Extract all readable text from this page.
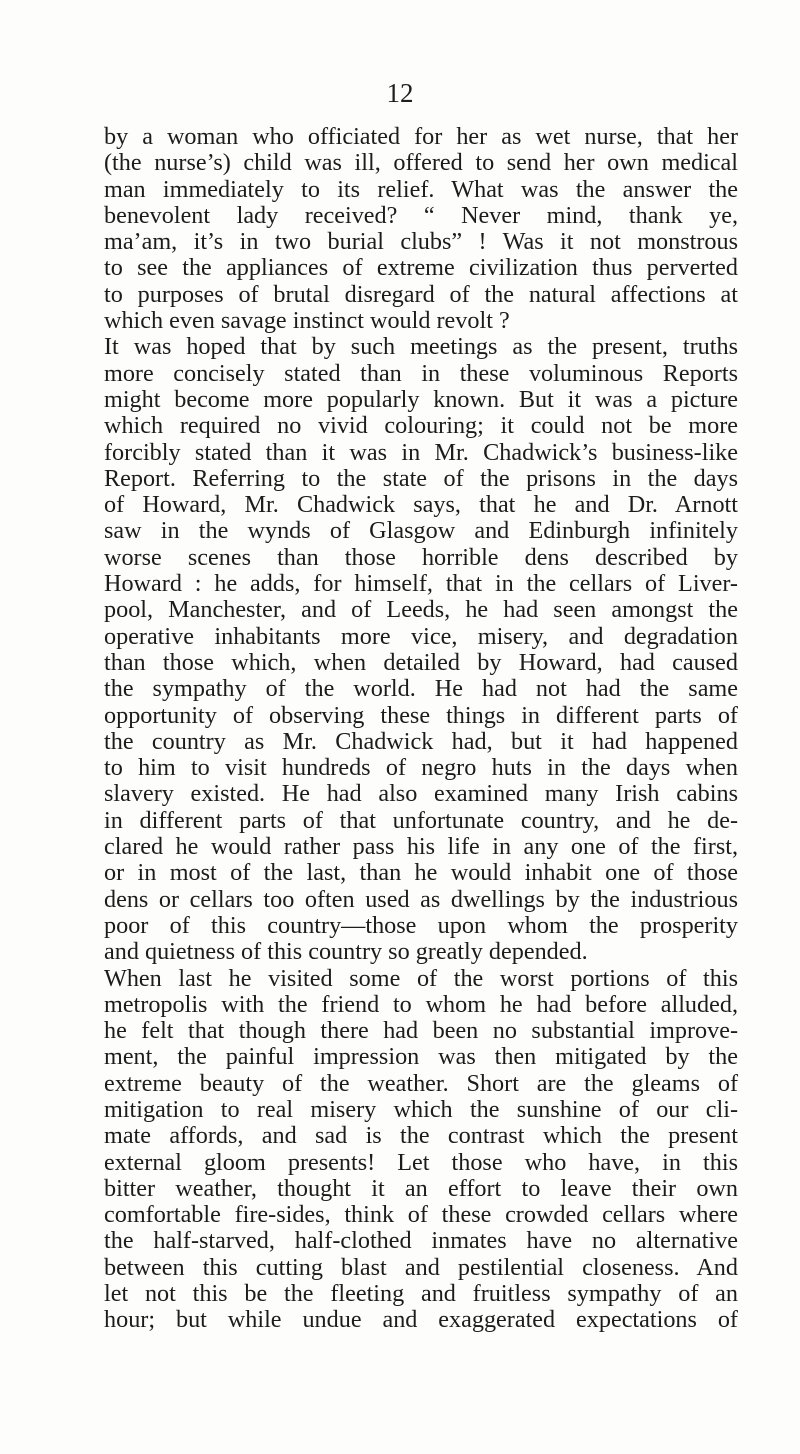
12
by a woman who officiated for her as wet nurse, that her
(the nurse’s) child was ill, offered to send her own medical
man immediately to its relief. What was the answer the
benevolent lady received? “ Never mind, thank ye,
ma’am, it’s in two burial clubs” ! Was it not monstrous
to see the appliances of extreme civilization thus perverted
to purposes of brutal disregard of the natural affections at
which even savage instinct would revolt ?
It was hoped that by such meetings as the present, truths
more concisely stated than in these voluminous Reports
might become more popularly known. But it was a picture
which required no vivid colouring; it could not be more
forcibly stated than it was in Mr. Chadwick’s business-like
Report. Referring to the state of the prisons in the days
of Howard, Mr. Chadwick says, that he and Dr. Arnott
saw in the wynds of Glasgow and Edinburgh infinitely
worse scenes than those horrible dens described by
Howard : he adds, for himself, that in the cellars of Liver-
pool, Manchester, and of Leeds, he had seen amongst the
operative inhabitants more vice, misery, and degradation
than those which, when detailed by Howard, had caused
the sympathy of the world. He had not had the same
opportunity of observing these things in different parts of
the country as Mr. Chadwick had, but it had happened
to him to visit hundreds of negro huts in the days when
slavery existed. He had also examined many Irish cabins
in different parts of that unfortunate country, and he de-
clared he would rather pass his life in any one of the first,
or in most of the last, than he would inhabit one of those
dens or cellars too often used as dwellings by the industrious
poor of this country—those upon whom the prosperity
and quietness of this country so greatly depended.
When last he visited some of the worst portions of this
metropolis with the friend to whom he had before alluded,
he felt that though there had been no substantial improve-
ment, the painful impression was then mitigated by the
extreme beauty of the weather. Short are the gleams of
mitigation to real misery which the sunshine of our cli-
mate affords, and sad is the contrast which the present
external gloom presents! Let those who have, in this
bitter weather, thought it an effort to leave their own
comfortable fire-sides, think of these crowded cellars where
the half-starved, half-clothed inmates have no alternative
between this cutting blast and pestilential closeness. And
let not this be the fleeting and fruitless sympathy of an
hour; but while undue and exaggerated expectations of
